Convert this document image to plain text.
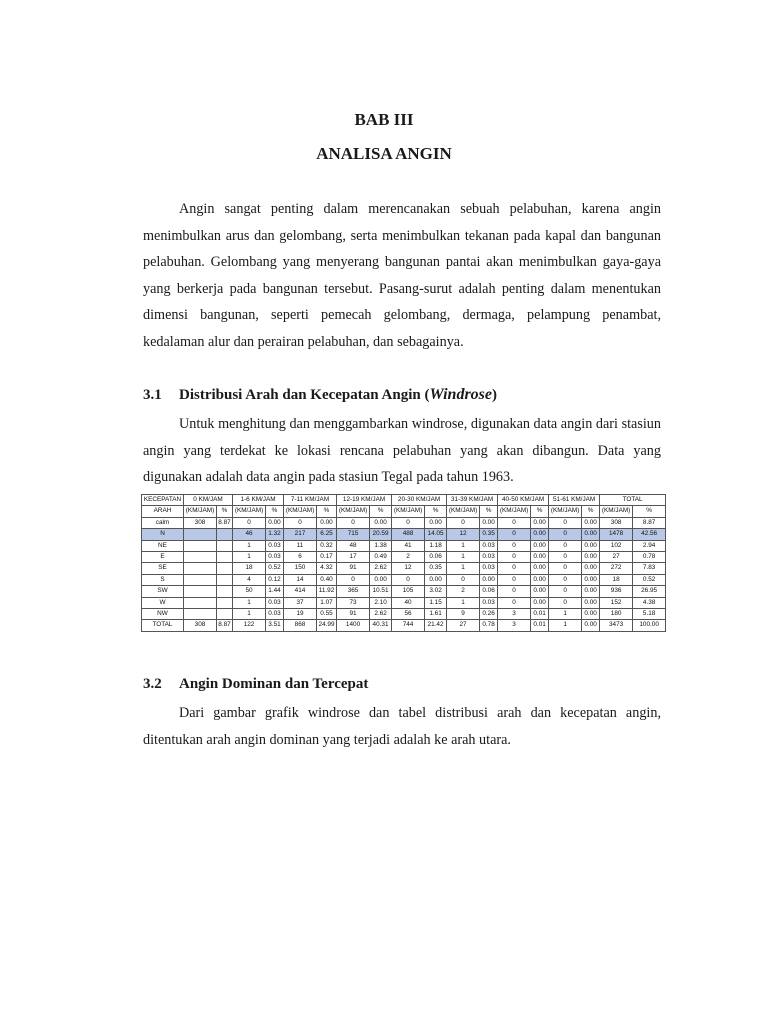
BAB III
ANALISA ANGIN

Angin sangat penting dalam merencanakan sebuah pelabuhan, karena angin menimbulkan arus dan gelombang, serta menimbulkan tekanan pada kapal dan bangunan pelabuhan. Gelombang yang menyerang bangunan pantai akan menimbulkan gaya-gaya yang berkerja pada bangunan tersebut. Pasang-surut adalah penting dalam menentukan dimensi bangunan, seperti pemecah gelombang, dermaga, pelampung penambat, kedalaman alur dan perairan pelabuhan, dan sebagainya.

3.1 Distribusi Arah dan Kecepatan Angin (Windrose)

Untuk menghitung dan menggambarkan windrose, digunakan data angin dari stasiun angin yang terdekat ke lokasi rencana pelabuhan yang akan dibangun. Data yang digunakan adalah data angin pada stasiun Tegal pada tahun 1963.

KECEPATAN	0 KM/JAM		1-6 KM/JAM		7-11 KM/JAM		12-19 KM/JAM		20-30 KM/JAM		31-39 KM/JAM		40-50 KM/JAM		51-61 KM/JAM		TOTAL	
ARAH	(KM/JAM)	%	(KM/JAM)	%	(KM/JAM)	%	(KM/JAM)	%	(KM/JAM)	%	(KM/JAM)	%	(KM/JAM)	%	(KM/JAM)	%	(KM/JAM)	%
calm	308	8.87	0	0.00	0	0.00	0	0.00	0	0.00	0	0.00	0	0.00	0	0.00	308	8.87
N			46	1.32	217	6.25	715	20.59	488	14.05	12	0.35	0	0.00	0	0.00	1478	42.56
NE			1	0.03	11	0.32	48	1.38	41	1.18	1	0.03	0	0.00	0	0.00	102	2.94
E			1	0.03	6	0.17	17	0.49	2	0.06	1	0.03	0	0.00	0	0.00	27	0.78
SE			18	0.52	150	4.32	91	2.62	12	0.35	1	0.03	0	0.00	0	0.00	272	7.83
S			4	0.12	14	0.40	0	0.00	0	0.00	0	0.00	0	0.00	0	0.00	18	0.52
SW			50	1.44	414	11.92	365	10.51	105	3.02	2	0.06	0	0.00	0	0.00	936	26.95
W			1	0.03	37	1.07	73	2.10	40	1.15	1	0.03	0	0.00	0	0.00	152	4.38
NW			1	0.03	19	0.55	91	2.62	56	1.61	9	0.26	3	0.01	1	0.00	180	5.18
TOTAL	308	8.87	122	3.51	868	24.99	1400	40.31	744	21.42	27	0.78	3	0.01	1	0.00	3473	100.00

3.2 Angin Dominan dan Tercepat

Dari gambar grafik windrose dan tabel distribusi arah dan kecepatan angin, ditentukan arah angin dominan yang terjadi adalah ke arah utara.
